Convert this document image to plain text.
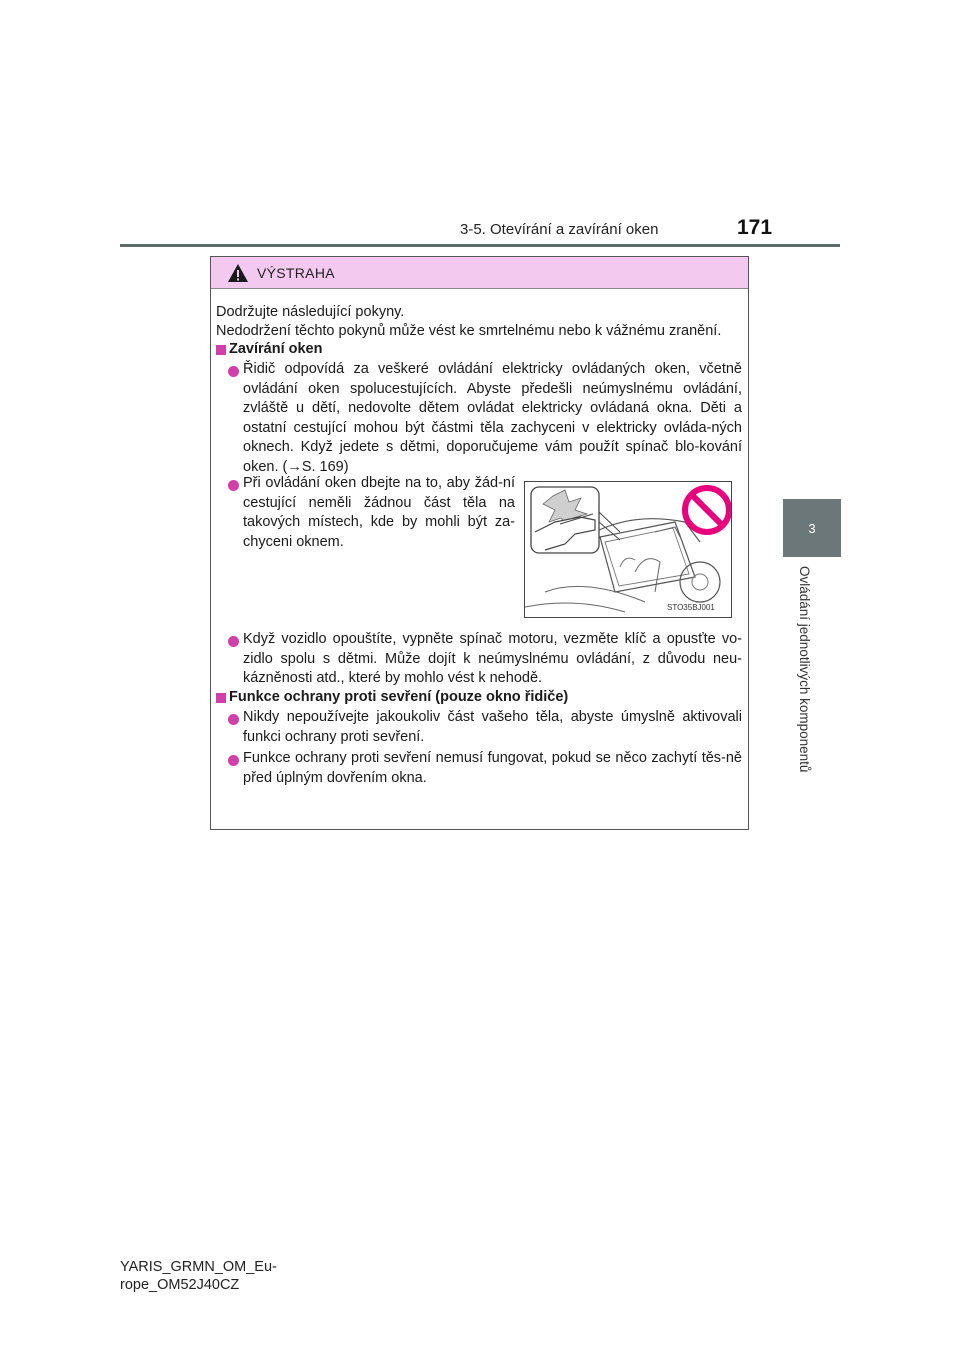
3-5. Otevírání a zavírání oken	171
3
Ovládání jednotlivých komponentů
VÝSTRAHA
Dodržujte následující pokyny.
Nedodržení těchto pokynů může vést ke smrtelnému nebo k vážnému zranění.
Zavírání oken
Řidič odpovídá za veškeré ovládání elektricky ovládaných oken, včetně ovládání oken spolucestujících. Abyste předešli neúmyslnému ovládání, zvláště u dětí, nedovolte dětem ovládat elektricky ovládaná okna. Děti a ostatní cestující mohou být částmi těla zachyceni v elektricky ovláda-ných oknech. Když jedete s dětmi, doporučujeme vám použít spínač blo-kování oken. (→S. 169)
Při ovládání oken dbejte na to, aby žád-ní cestující neměli žádnou část těla na takových místech, kde by mohli být za-chyceni oknem.
STO35BJ001
Když vozidlo opouštíte, vypněte spínač motoru, vezměte klíč a opusťte vo-zidlo spolu s dětmi. Může dojít k neúmyslnému ovládání, z důvodu neu-kázněnosti atd., které by mohlo vést k nehodě.
Funkce ochrany proti sevření (pouze okno řidiče)
Nikdy nepoužívejte jakoukoliv část vašeho těla, abyste úmyslně aktivovali funkci ochrany proti sevření.
Funkce ochrany proti sevření nemusí fungovat, pokud se něco zachytí těs-ně před úplným dovřením okna.
YARIS_GRMN_OM_Eu-
rope_OM52J40CZ
